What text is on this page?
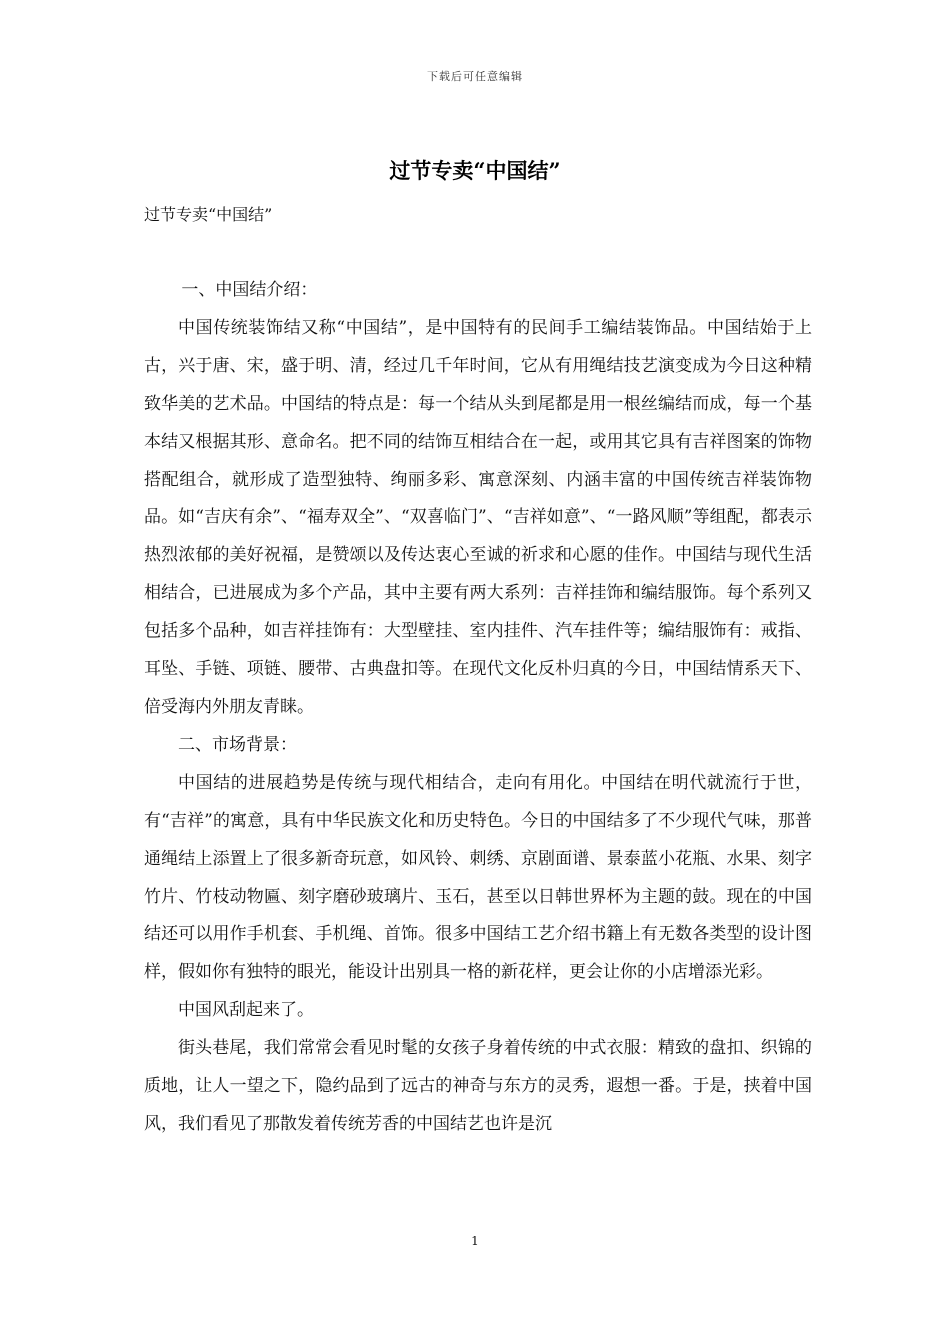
下载后可任意编辑
过节专卖“中国结”
过节专卖“中国结”

一、中国结介绍：

中国传统装饰结又称“中国结”，是中国特有的民间手工编结装饰品。中国结始于上古，兴于唐、宋，盛于明、清，经过几千年时间，它从有用绳结技艺演变成为今日这种精致华美的艺术品。中国结的特点是：每一个结从头到尾都是用一根丝编结而成，每一个基本结又根据其形、意命名。把不同的结饰互相结合在一起，或用其它具有吉祥图案的饰物搭配组合，就形成了造型独特、绚丽多彩、寓意深刻、内涵丰富的中国传统吉祥装饰物品。如“吉庆有余”、“福寿双全”、“双喜临门”、“吉祥如意”、“一路风顺”等组配，都表示热烈浓郁的美好祝福，是赞颂以及传达衷心至诚的祈求和心愿的佳作。中国结与现代生活相结合，已进展成为多个产品，其中主要有两大系列：吉祥挂饰和编结服饰。每个系列又包括多个品种，如吉祥挂饰有：大型壁挂、室内挂件、汽车挂件等；编结服饰有：戒指、耳坠、手链、项链、腰带、古典盘扣等。在现代文化反朴归真的今日，中国结情系天下、倍受海内外朋友青睐。

二、市场背景：

中国结的进展趋势是传统与现代相结合，走向有用化。中国结在明代就流行于世，有“吉祥”的寓意，具有中华民族文化和历史特色。今日的中国结多了不少现代气味，那普通绳结上添置上了很多新奇玩意，如风铃、刺绣、京剧面谱、景泰蓝小花瓶、水果、刻字竹片、竹枝动物匾、刻字磨砂玻璃片、玉石，甚至以日韩世界杯为主题的鼓。现在的中国结还可以用作手机套、手机绳、首饰。很多中国结工艺介绍书籍上有无数各类型的设计图样，假如你有独特的眼光，能设计出别具一格的新花样，更会让你的小店增添光彩。

中国风刮起来了。

街头巷尾，我们常常会看见时髦的女孩子身着传统的中式衣服：精致的盘扣、织锦的质地，让人一望之下，隐约品到了远古的神奇与东方的灵秀，遐想一番。于是，挟着中国风，我们看见了那散发着传统芳香的中国结艺也许是沉

1
